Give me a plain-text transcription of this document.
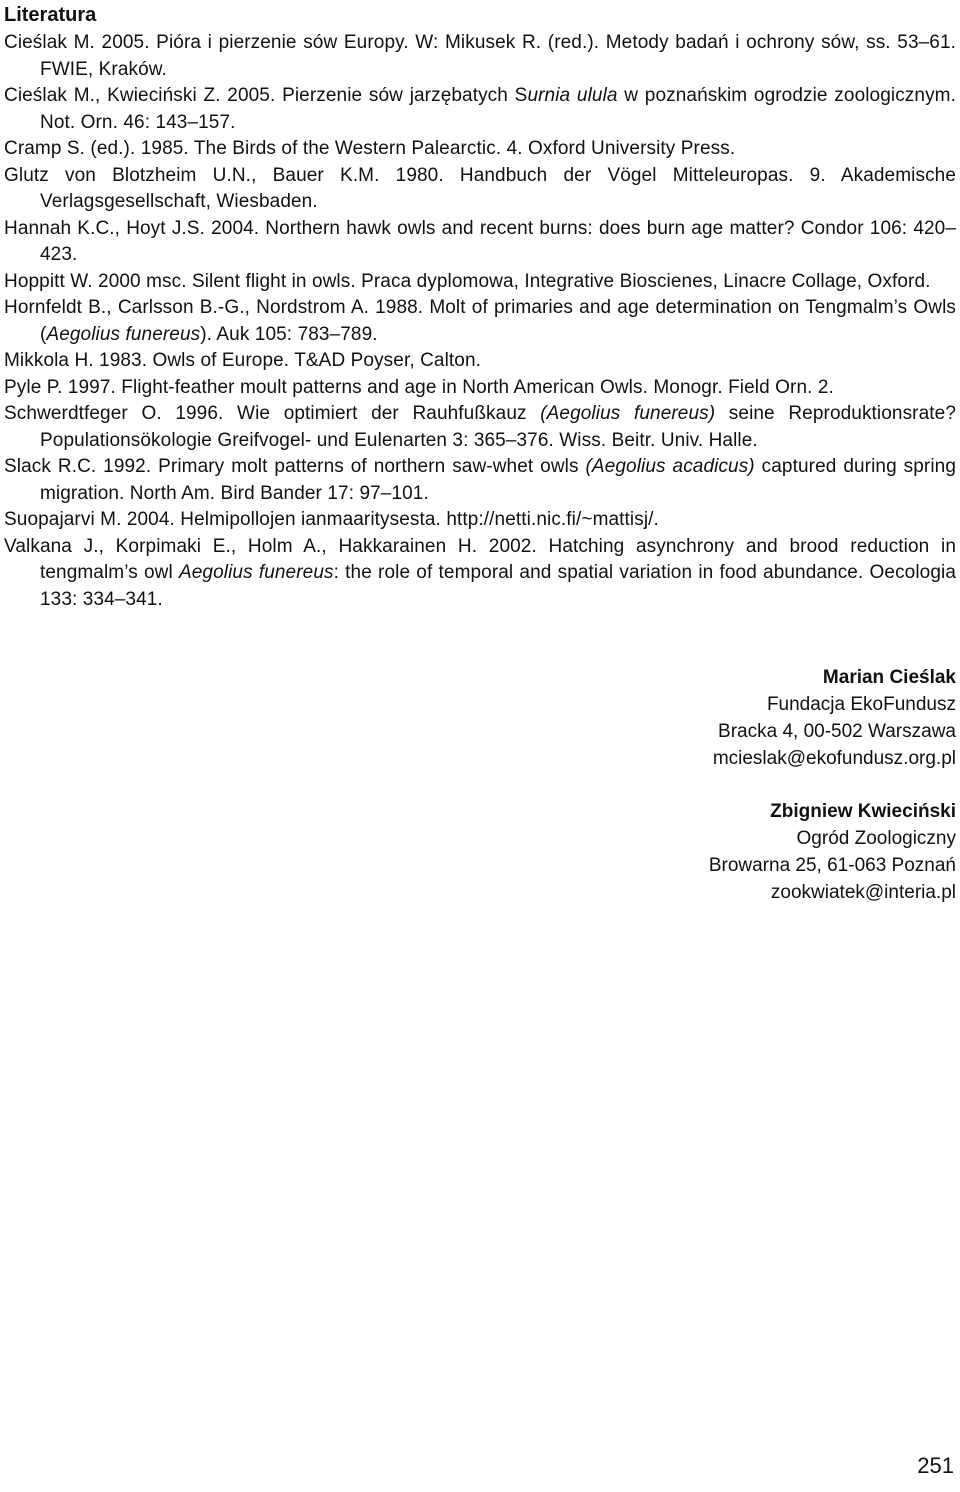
Literatura
Cieślak M. 2005. Pióra i pierzenie sów Europy. W: Mikusek R. (red.). Metody badań i ochrony sów, ss. 53–61. FWIE, Kraków.
Cieślak M., Kwieciński Z. 2005. Pierzenie sów jarzębatych Surnia ulula w poznańskim ogrodzie zoologicznym. Not. Orn. 46: 143–157.
Cramp S. (ed.). 1985. The Birds of the Western Palearctic. 4. Oxford University Press.
Glutz von Blotzheim U.N., Bauer K.M. 1980. Handbuch der Vögel Mitteleuropas. 9. Akademische Verlagsgesellschaft, Wiesbaden.
Hannah K.C., Hoyt J.S. 2004. Northern hawk owls and recent burns: does burn age matter? Condor 106: 420–423.
Hoppitt W. 2000 msc. Silent flight in owls. Praca dyplomowa, Integrative Bioscienes, Linacre Collage, Oxford.
Hornfeldt B., Carlsson B.-G., Nordstrom A. 1988. Molt of primaries and age determination on Tengmalm’s Owls (Aegolius funereus). Auk 105: 783–789.
Mikkola H. 1983. Owls of Europe. T&AD Poyser, Calton.
Pyle P. 1997. Flight-feather moult patterns and age in North American Owls. Monogr. Field Orn. 2.
Schwerdtfeger O. 1996. Wie optimiert der Rauhfußkauz (Aegolius funereus) seine Reproduktionsrate? Populationsökologie Greifvogel- und Eulenarten 3: 365–376. Wiss. Beitr. Univ. Halle.
Slack R.C. 1992. Primary molt patterns of northern saw-whet owls (Aegolius acadicus) captured during spring migration. North Am. Bird Bander 17: 97–101.
Suopajarvi M. 2004. Helmipollojen ianmaaritysesta. http://netti.nic.fi/~mattisj/.
Valkana J., Korpimaki E., Holm A., Hakkarainen H. 2002. Hatching asynchrony and brood reduction in tengmalm’s owl Aegolius funereus: the role of temporal and spatial variation in food abundance. Oecologia 133: 334–341.
Marian Cieślak
Fundacja EkoFundusz
Bracka 4, 00-502 Warszawa
mcieslak@ekofundusz.org.pl
Zbigniew Kwieciński
Ogród Zoologiczny
Browarna 25, 61-063 Poznań
zookwiatek@interia.pl
251
